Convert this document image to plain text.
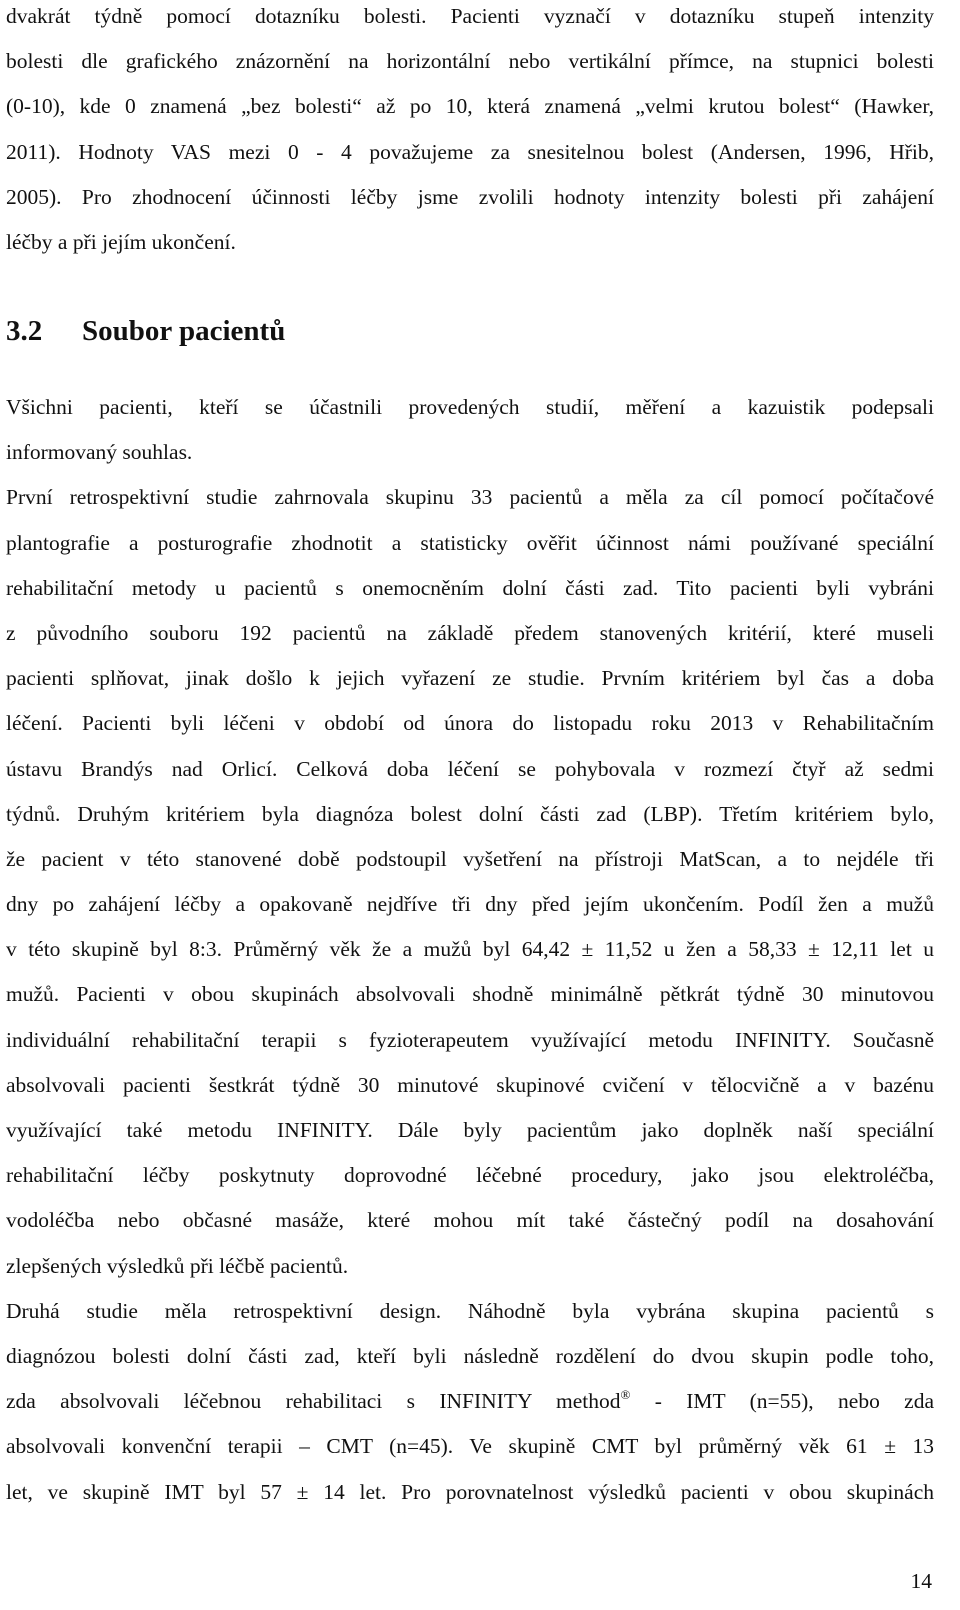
dvakrát týdně pomocí dotazníku bolesti. Pacienti vyznačí v dotazníku stupeň intenzity
bolesti dle grafického znázornění na horizontální nebo vertikální přímce, na stupnici bolesti
(0-10), kde 0 znamená „bez bolesti“ až po 10, která znamená „velmi krutou bolest“ (Hawker,
2011). Hodnoty VAS mezi 0 - 4 považujeme za snesitelnou bolest (Andersen, 1996, Hřib,
2005). Pro zhodnocení účinnosti léčby jsme zvolili hodnoty intenzity bolesti při zahájení
léčby a při jejím ukončení.
3.2 Soubor pacientů
Všichni pacienti, kteří se účastnili provedených studií, měření a kazuistik podepsali
informovaný souhlas.
První retrospektivní studie zahrnovala skupinu 33 pacientů a měla za cíl pomocí počítačové
plantografie a posturografie zhodnotit a statisticky ověřit účinnost námi používané speciální
rehabilitační metody u pacientů s onemocněním dolní části zad. Tito pacienti byli vybráni
z původního souboru 192 pacientů na základě předem stanovených kritérií, které museli
pacienti splňovat, jinak došlo k jejich vyřazení ze studie. Prvním kritériem byl čas a doba
léčení. Pacienti byli léčeni v období od února do listopadu roku 2013 v Rehabilitačním
ústavu Brandýs nad Orlicí. Celková doba léčení se pohybovala v rozmezí čtyř až sedmi
týdnů. Druhým kritériem byla diagnóza bolest dolní části zad (LBP). Třetím kritériem bylo,
že pacient v této stanovené době podstoupil vyšetření na přístroji MatScan, a to nejdéle tři
dny po zahájení léčby a opakovaně nejdříve tři dny před jejím ukončením. Podíl žen a mužů
v této skupině byl 8:3. Průměrný věk že a mužů byl 64,42 ± 11,52 u žen a 58,33 ± 12,11 let u
mužů. Pacienti v obou skupinách absolvovali shodně minimálně pětkrát týdně 30 minutovou
individuální rehabilitační terapii s fyzioterapeutem využívající metodu INFINITY. Současně
absolvovali pacienti šestkrát týdně 30 minutové skupinové cvičení v tělocvičně a v bazénu
využívající také metodu INFINITY. Dále byly pacientům jako doplněk naší speciální
rehabilitační léčby poskytnuty doprovodné léčebné procedury, jako jsou elektroléčba,
vodoléčba nebo občasné masáže, které mohou mít také částečný podíl na dosahování
zlepšených výsledků při léčbě pacientů.
Druhá studie měla retrospektivní design. Náhodně byla vybrána skupina pacientů s
diagnózou bolesti dolní části zad, kteří byli následně rozdělení do dvou skupin podle toho,
zda absolvovali léčebnou rehabilitaci s INFINITY method® - IMT (n=55), nebo zda
absolvovali konvenční terapii – CMT (n=45). Ve skupině CMT byl průměrný věk 61 ± 13
let, ve skupině IMT byl 57 ± 14 let. Pro porovnatelnost výsledků pacienti v obou skupinách
14
